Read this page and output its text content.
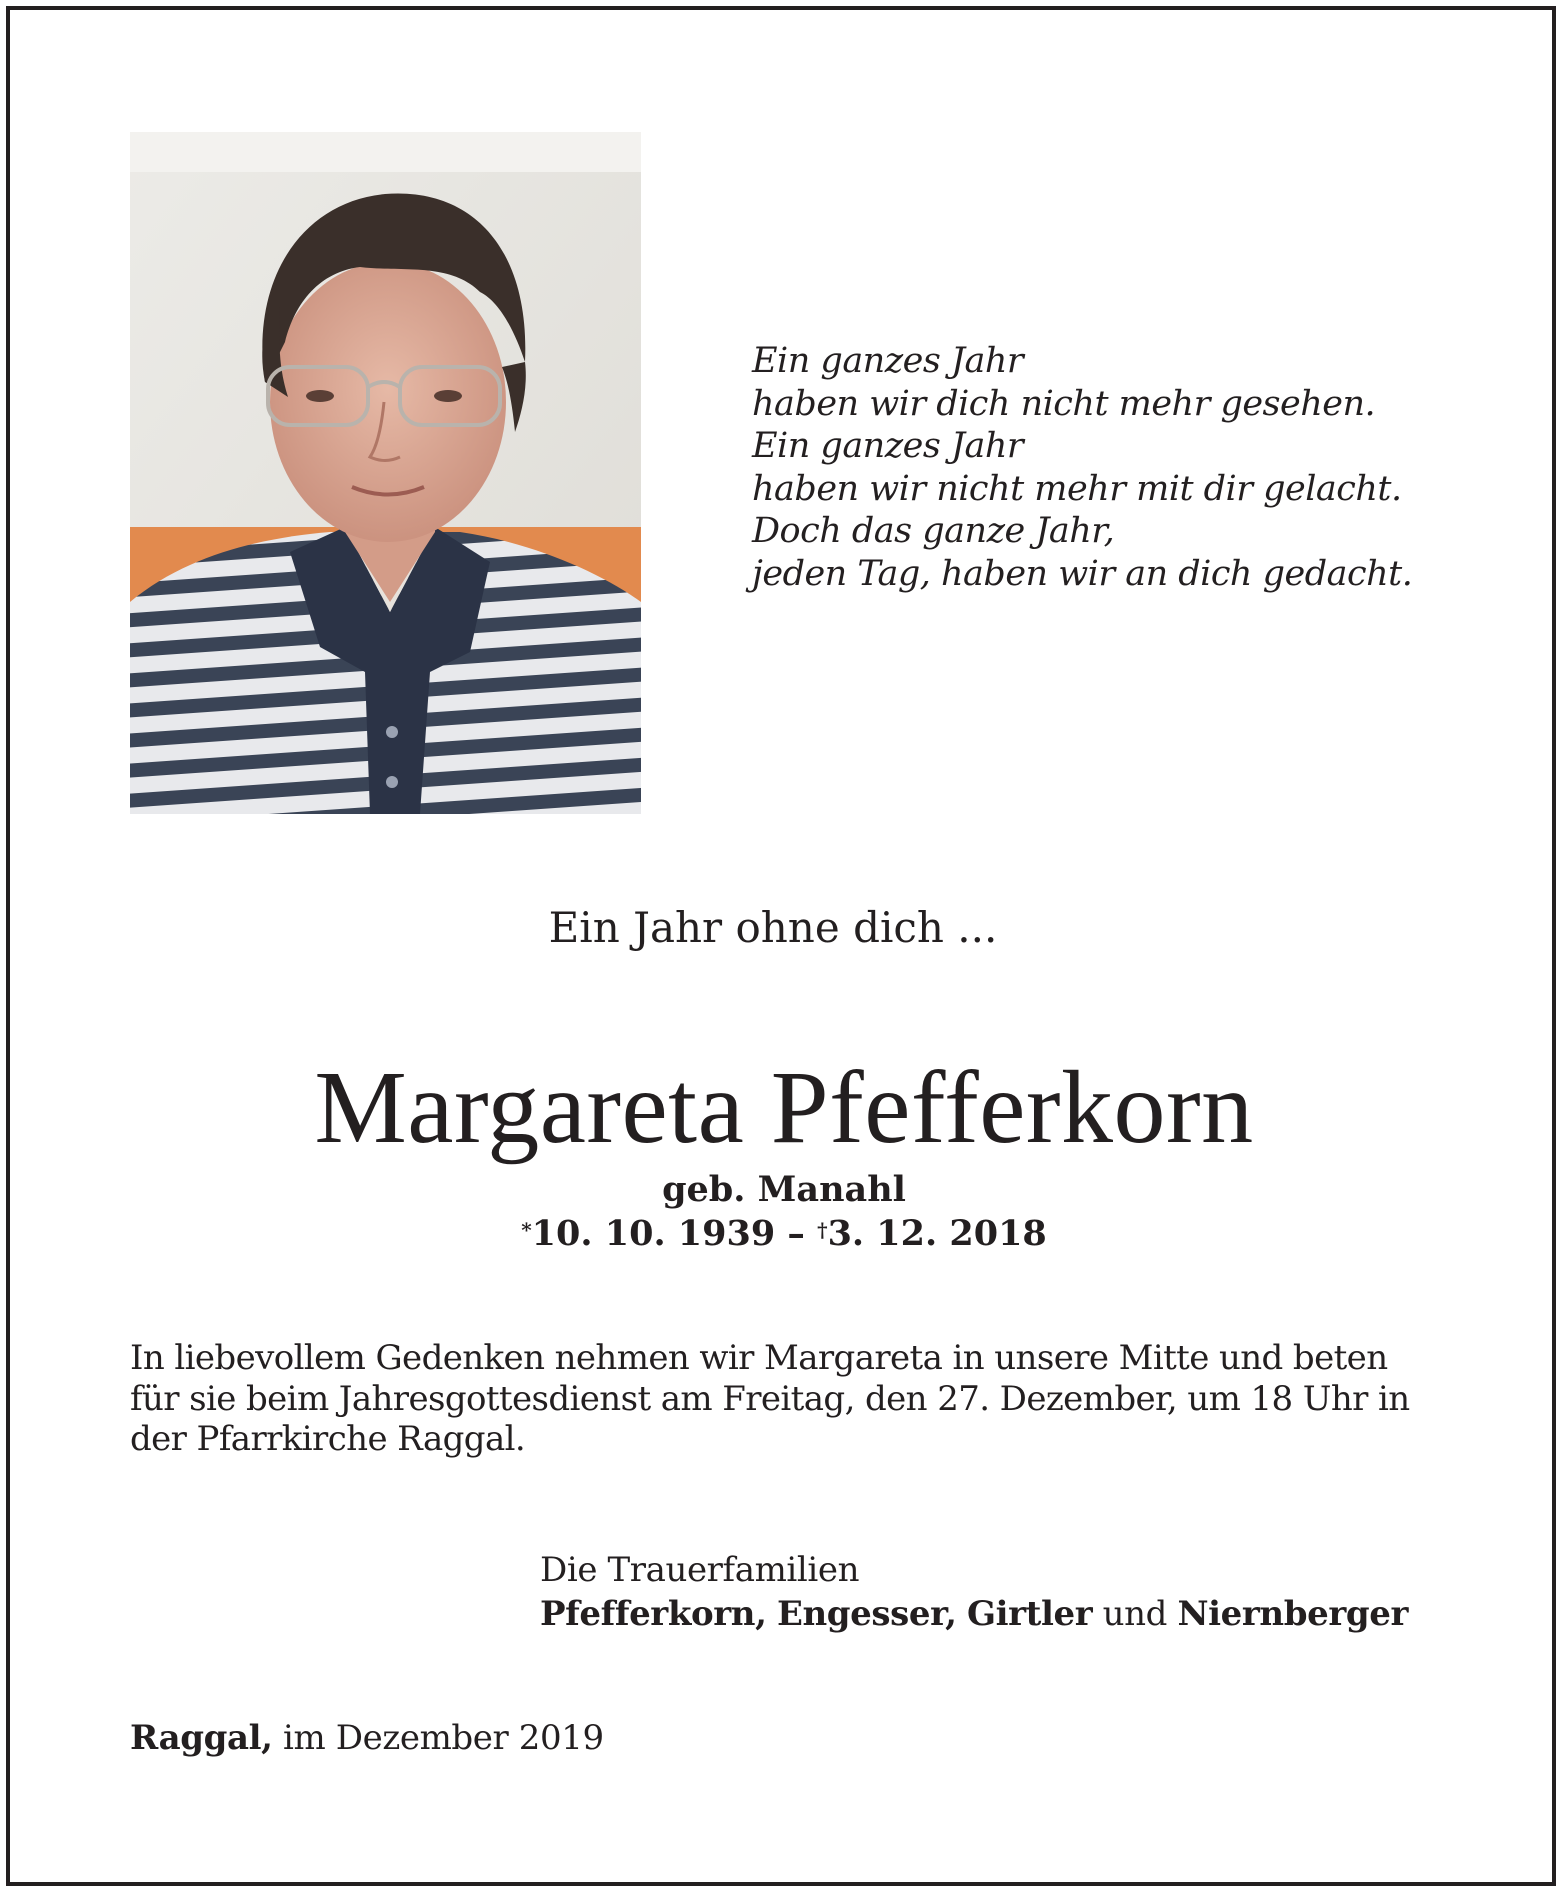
Ein ganzes Jahr
haben wir dich nicht mehr gesehen.
Ein ganzes Jahr
haben wir nicht mehr mit dir gelacht.
Doch das ganze Jahr,
jeden Tag, haben wir an dich gedacht.
Ein Jahr ohne dich ...
Margareta Pfefferkorn
geb. Manahl
*10. 10. 1939 – †3. 12. 2018
In liebevollem Gedenken nehmen wir Margareta in unsere Mitte und beten
für sie beim Jahresgottesdienst am Freitag, den 27. Dezember, um 18 Uhr in
der Pfarrkirche Raggal.
Die Trauerfamilien
Pfefferkorn, Engesser, Girtler und Niernberger
Raggal, im Dezember 2019
